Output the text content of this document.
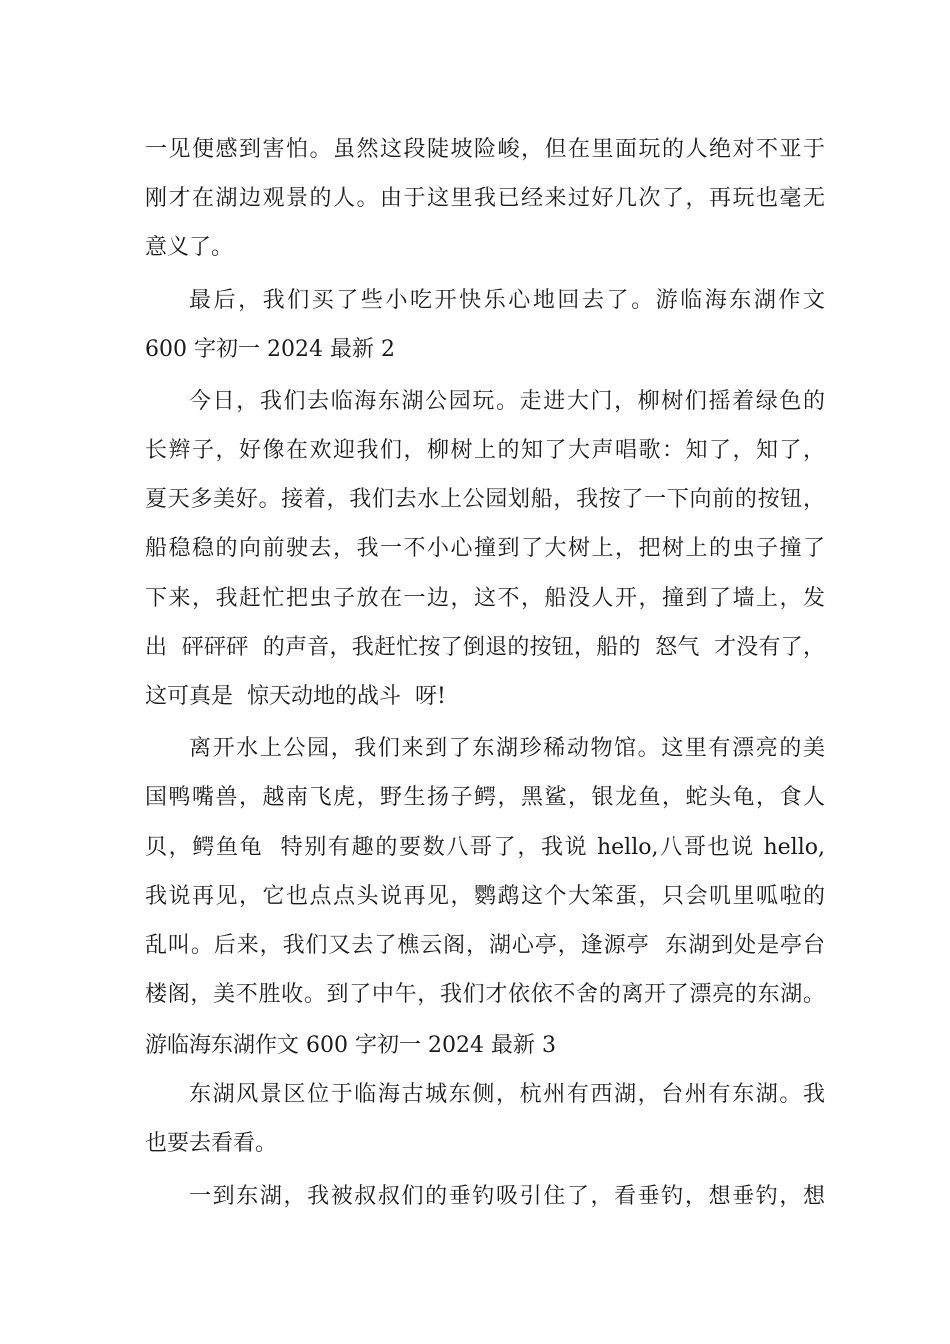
一见便感到害怕。虽然这段陡坡险峻，但在里面玩的人绝对不亚于
刚才在湖边观景的人。由于这里我已经来过好几次了，再玩也毫无
意义了。
最后，我们买了些小吃开快乐心地回去了。游临海东湖作文
600 字初一 2024 最新 2
今日，我们去临海东湖公园玩。走进大门，柳树们摇着绿色的
长辫子，好像在欢迎我们，柳树上的知了大声唱歌：知了，知了，
夏天多美好。接着，我们去水上公园划船，我按了一下向前的按钮，
船稳稳的向前驶去，我一不小心撞到了大树上，把树上的虫子撞了
下来，我赶忙把虫子放在一边，这不，船没人开，撞到了墙上，发
出  砰砰砰  的声音，我赶忙按了倒退的按钮，船的  怒气  才没有了，
这可真是  惊天动地的战斗  呀!
离开水上公园，我们来到了东湖珍稀动物馆。这里有漂亮的美
国鸭嘴兽，越南飞虎，野生扬子鳄，黑鲨，银龙鱼，蛇头龟，食人
贝，鳄鱼龟  特别有趣的要数八哥了，我说 hello,八哥也说 hello,
我说再见，它也点点头说再见，鹦鹉这个大笨蛋，只会叽里呱啦的
乱叫。后来，我们又去了樵云阁，湖心亭，逢源亭  东湖到处是亭台
楼阁，美不胜收。到了中午，我们才依依不舍的离开了漂亮的东湖。
游临海东湖作文 600 字初一 2024 最新 3
东湖风景区位于临海古城东侧，杭州有西湖，台州有东湖。我
也要去看看。
一到东湖，我被叔叔们的垂钓吸引住了，看垂钓，想垂钓，想
